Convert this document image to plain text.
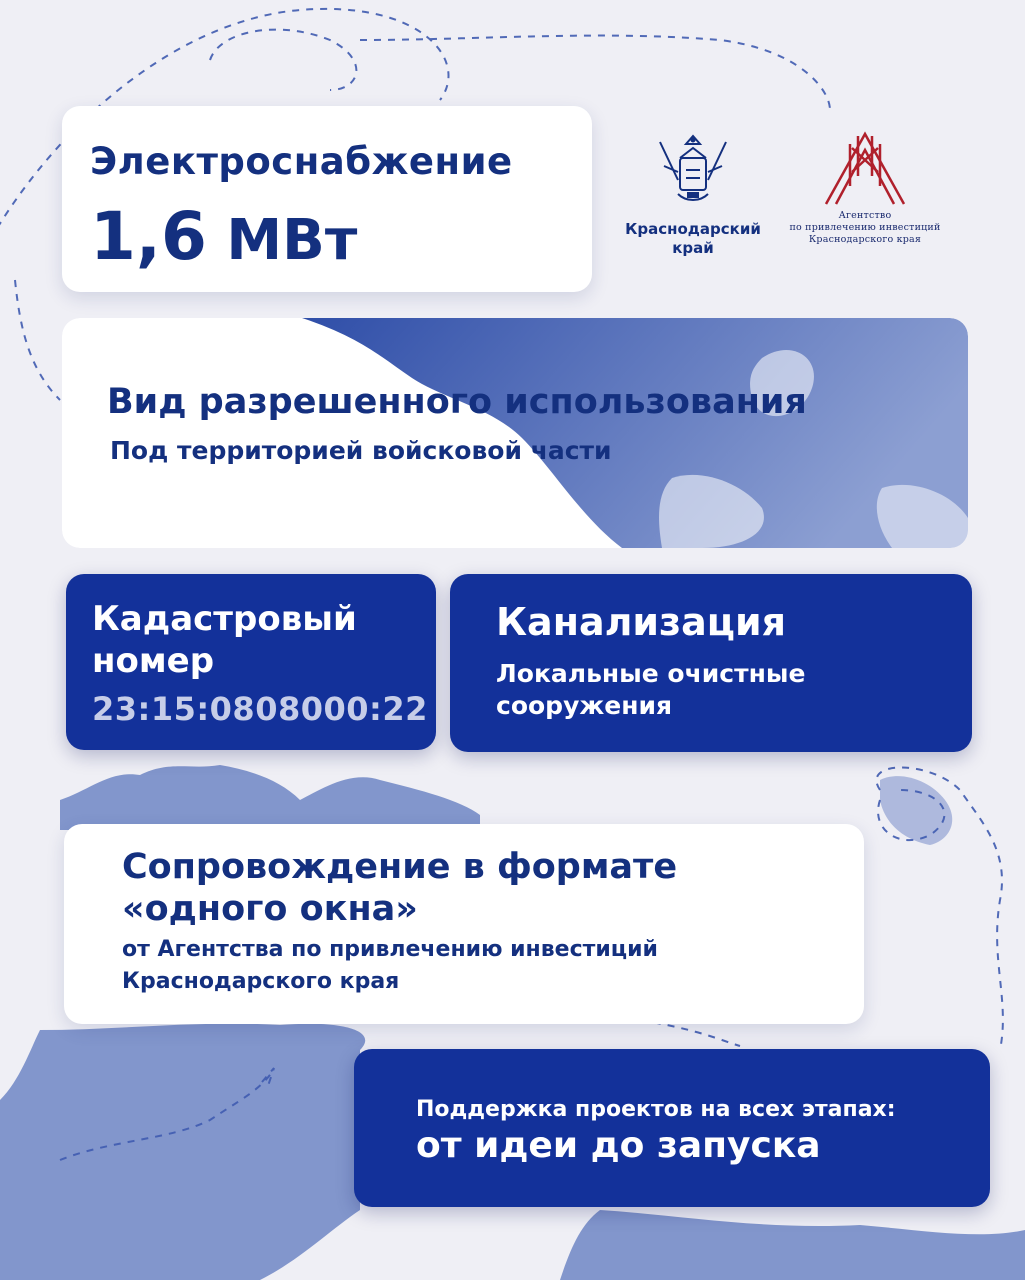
Краснодарский
край
Агентство
по привлечению инвестиций
Краснодарского края
Электроснабжение
1,6 МВт
Вид разрешенного использования
Под территорией войсковой части
Кадастровый номер
23:15:0808000:22
Канализация
Локальные очистные сооружения
Сопровождение в формате «одного окна»
от Агентства по привлечению инвестиций Краснодарского края
Поддержка проектов на всех этапах:
от идеи до запуска
